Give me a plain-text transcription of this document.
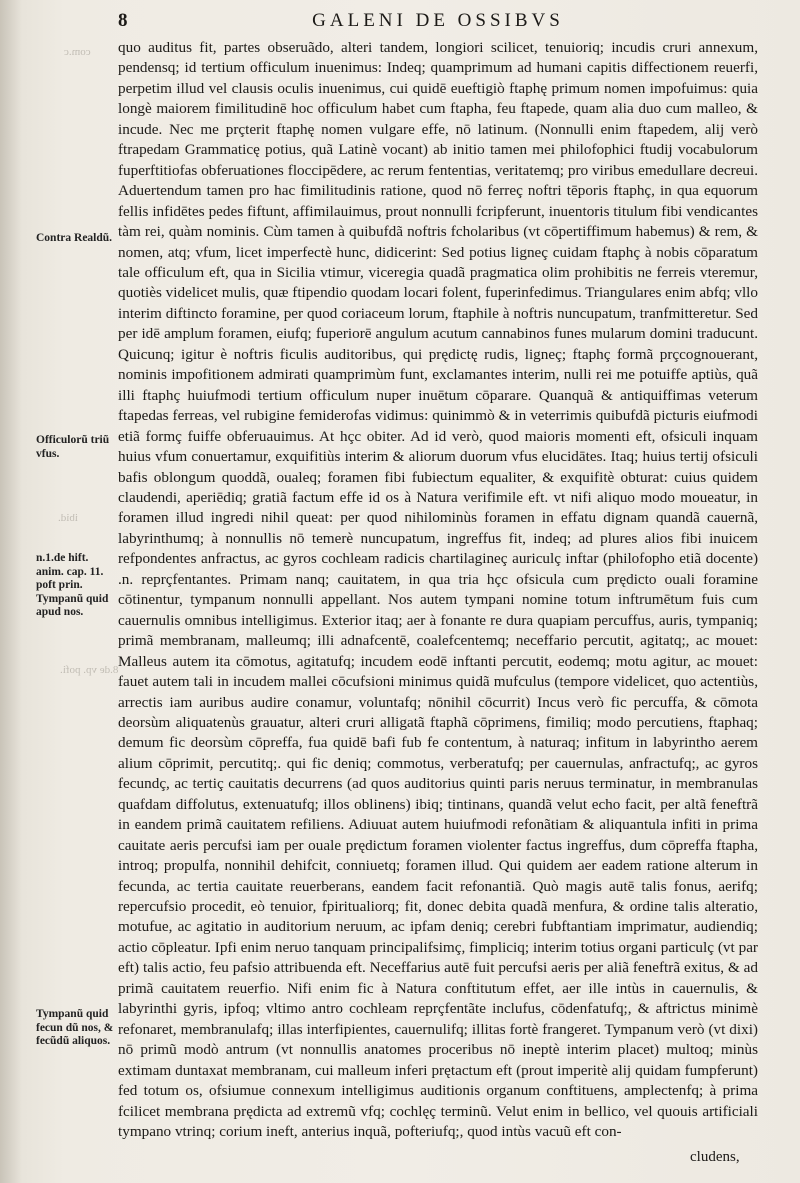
8	GALENI DE OSSIBVS
com.c
ibid.
8.de vp. pofi.
Contra Realdũ.
Officulorũ triũ vfus.
n.1.de hift. anim. cap. 11. poft prin. Tympanũ quid apud nos.
Tympanũ quid fecun dũ nos, & fecũdũ aliquos.

quo auditus fit, partes obseruãdo, alteri tandem, longiori scilicet, tenuioriq; incudis cruri annexum, pendensq; id tertium officulum inuenimus: Indeq; quamprimum ad humani capitis diffectionem reuerfi, perpetim illud vel clausis oculis inuenimus, cui quidē eueftigiò ftaphę primum nomen impofuimus: quia longè maiorem fimilitudinē hoc officulum habet cum ftapha, feu ftapede, quam alia duo cum malleo, & incude. Nec me prçterit ftaphę nomen vulgare effe, nō latinum. (Nonnulli enim ftapedem, alij verò ftrapedam Grammaticę potius, quã Latinè vocant) ab initio tamen mei philofophici ftudij vocabulorum fuperftitiofas obferuationes floccipēdere, ac rerum fententias, veritatemq; pro viribus emedullare decreui. Aduertendum tamen pro hac fimilitudinis ratione, quod nō ferreç noftri tēporis ftaphç, in qua equorum fellis infidētes pedes fiftunt, affimilauimus, prout nonnulli fcripferunt, inuentoris titulum fibi vendicantes tàm rei, quàm nominis. Cùm tamen à quibufdã noftris fcholaribus (vt cōpertiffimum habemus) & rem, & nomen, atq; vfum, licet imperfectè hunc, didicerint: Sed potius ligneç cuidam ftaphç à nobis cōparatum tale officulum eft, qua in Sicilia vtimur, viceregia quadã pragmatica olim prohibitis ne ferreis vteremur, quotiès videlicet mulis, quæ ftipendio quodam locari folent, fuperinfedimus. Triangulares enim abfq; vllo interim diftincto foramine, per quod coriaceum lorum, ftaphile à noftris nuncupatum, tranfmitteretur. Sed per idē amplum foramen, eiufq; fuperiorē angulum acutum cannabinos funes mularum domini traducunt. Quicunq; igitur è noftris ficulis auditoribus, qui prędictę rudis, ligneç; ftaphç formã prçcognouerant, nominis impofitionem admirati quamprimùm funt, exclamantes interim, nulli rei me potuiffe aptiùs, quã illi ftaphç huiufmodi tertium officulum nuper inuētum cōparare. Quanquã & antiquiffimas veterum ftapedas ferreas, vel rubigine femiderofas vidimus: quinimmò & in veterrimis quibufdã picturis eiufmodi etiã formç fuiffe obferuauimus. At hçc obiter. Ad id verò, quod maioris momenti eft, ofsiculi inquam huius vfum conuertamur, exquifitiùs interim & aliorum duorum vfus elucidātes. Itaq; huius tertij ofsiculi bafis oblongum quoddã, oualeq; foramen fibi fubiectum equaliter, & exquifitè obturat: cuius quidem claudendi, aperiēdiq; gratiã factum effe id os à Natura verifimile eft. vt nifi aliquo modo moueatur, in foramen illud ingredi nihil queat: per quod nihilominùs foramen in effatu dignam quandã cauernã, labyrinthumq; à nonnullis nō temerè nuncupatum, ingreffus fit, indeq; ad plures alios fibi inuicem refpondentes anfractus, ac gyros cochleam radicis chartilagineç auriculç inftar (philofopho etiã docente) .n. reprçfentantes. Primam nanq; cauitatem, in qua tria hçc ofsicula cum prędicto ouali foramine cōtinentur, tympanum nonnulli appellant. Nos autem tympani nomine totum inftrumētum fuis cum cauernulis omnibus intelligimus. Exterior itaq; aer à fonante re dura quapiam percuffus, auris, tympaniq; primã membranam, malleumq; illi adnafcentē, coalefcentemq; neceffario percutit, agitatq;, ac mouet: Malleus autem ita cōmotus, agitatufq; incudem eodē inftanti percutit, eodemq; motu agitur, ac mouet: fauet autem tali in incudem mallei cōcufsioni minimus quidã mufculus (tempore videlicet, quo actentiùs, arrectis iam auribus audire conamur, voluntafq; nōnihil cōcurrit) Incus verò fic percuffa, & cōmota deorsùm aliquatenùs grauatur, alteri cruri alligatã ftaphã cōprimens, fimiliq; modo percutiens, ftaphaq; demum fic deorsùm cōpreffa, fua quidē bafi fub fe contentum, à naturaq; infitum in labyrintho aerem alium cōprimit, percutitq;. qui fic deniq; commotus, verberatufq; per cauernulas, anfractufq;, ac gyros fecundç, ac tertiç cauitatis decurrens (ad quos auditorius quinti paris neruus terminatur, in membranulas quafdam diffolutus, extenuatufq; illos oblinens) ibiq; tintinans, quandã velut echo facit, per altã feneftrã in eandem primã cauitatem refiliens. Adiuuat autem huiufmodi refonãtiam & aliquantula infiti in prima cauitate aeris percufsi iam per ouale prędictum foramen violenter factus ingreffus, dum cōpreffa ftapha, introq; propulfa, nonnihil dehifcit, conniuetq; foramen illud. Qui quidem aer eadem ratione alterum in fecunda, ac tertia cauitate reuerberans, eandem facit refonantiã. Quò magis autē talis fonus, aerifq; repercufsio procedit, eò tenuior, fpiritualiorq; fit, donec debita quadã menfura, & ordine talis alteratio, motufue, ac agitatio in auditorium neruum, ac ipfam deniq; cerebri fubftantiam imprimatur, audiendiq; actio cōpleatur. Ipfi enim neruo tanquam principalifsimç, fimpliciq; interim totius organi particulç (vt par eft) talis actio, feu pafsio attribuenda eft. Neceffarius autē fuit percufsi aeris per aliã feneftrã exitus, & ad primã cauitatem reuerfio. Nifi enim fic à Natura conftitutum effet, aer ille intùs in cauernulis, & labyrinthi gyris, ipfoq; vltimo antro cochleam reprçfentãte inclufus, cōdenfatufq;, & aftrictus minimè refonaret, membranulafq; illas interfipientes, cauernulifq; illitas fortè frangeret. Tympanum verò (vt dixi) nō primũ modò antrum (vt nonnullis anatomes proceribus nō ineptè interim placet) multoq; minùs extimam duntaxat membranam, cui malleum inferi prętactum eft (prout imperitè alij quidam fumpferunt) fed totum os, ofsiumue connexum intelligimus auditionis organum conftituens, amplectenfq; à prima fcilicet membrana prędicta ad extremũ vfq; cochlęç terminũ. Velut enim in bellico, vel quouis artificiali tympano vtrinq; corium ineft, anterius inquã, pofteriufq;, quod intùs vacuũ eft con-

cludens,
